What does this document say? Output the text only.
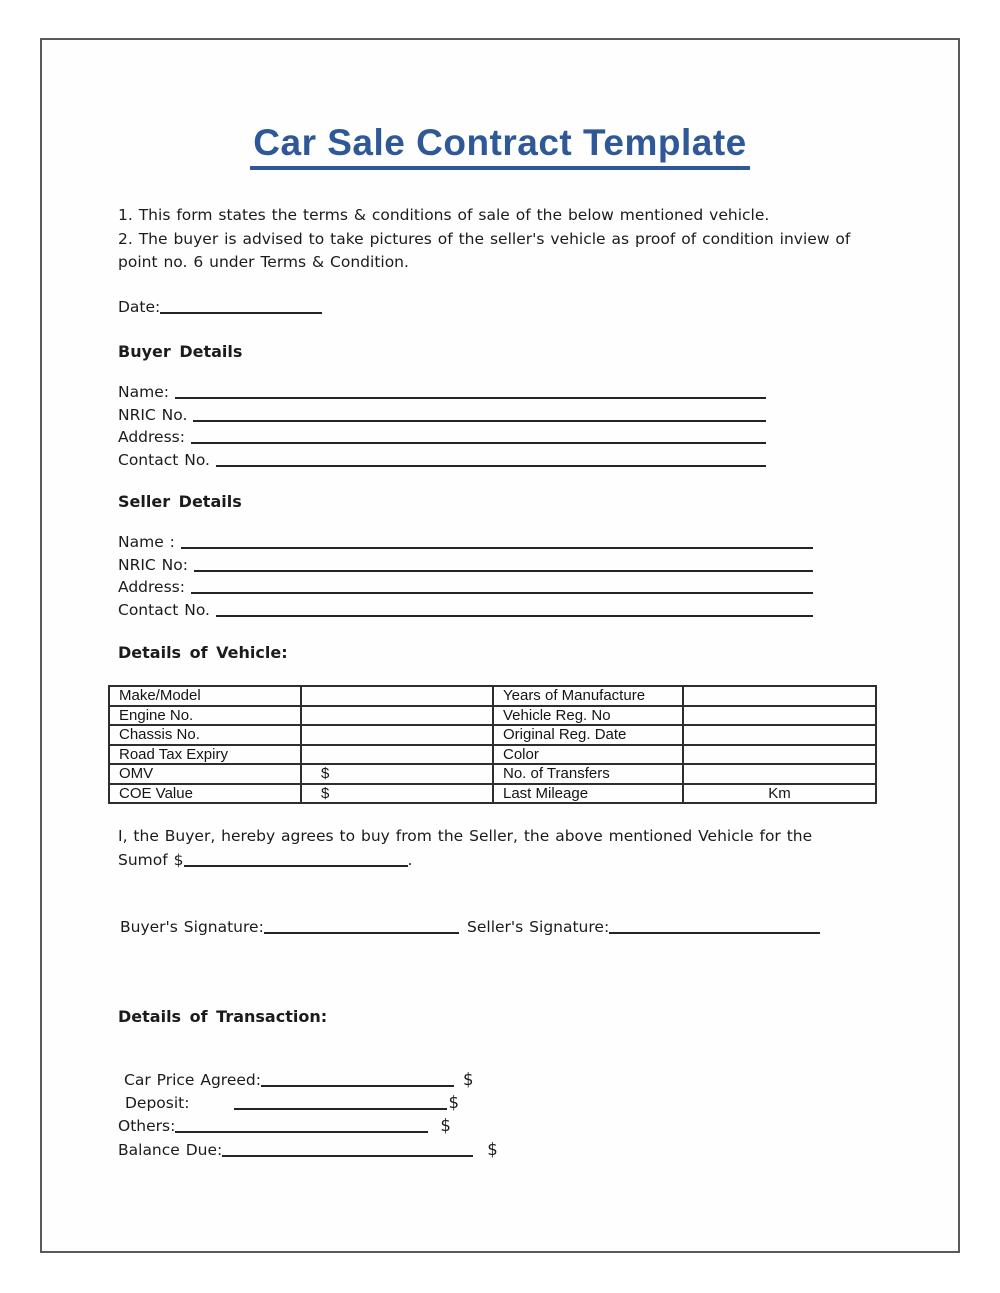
Car Sale Contract Template
1. This form states the terms & conditions of sale of the below mentioned vehicle.
2. The buyer is advised to take pictures of the seller's vehicle as proof of condition inview of point no. 6 under Terms & Condition.
Date:
Buyer Details
Name:
NRIC No.
Address:
Contact No.
Seller Details
Name :
NRIC No:
Address:
Contact No.
Details of Vehicle:
Make/Model		Years of Manufacture	
Engine No.		Vehicle Reg. No	
Chassis No.		Original Reg. Date	
Road Tax Expiry		Color	
OMV	$	No. of Transfers	
COE Value	$	Last Mileage	Km
I, the Buyer, hereby agrees to buy from the Seller, the above mentioned Vehicle for the
Sumof $	.
Buyer's Signature:	Seller's Signature:
Details of Transaction:
Car Price Agreed:	$
Deposit:	$
Others:	$
Balance Due:	$
